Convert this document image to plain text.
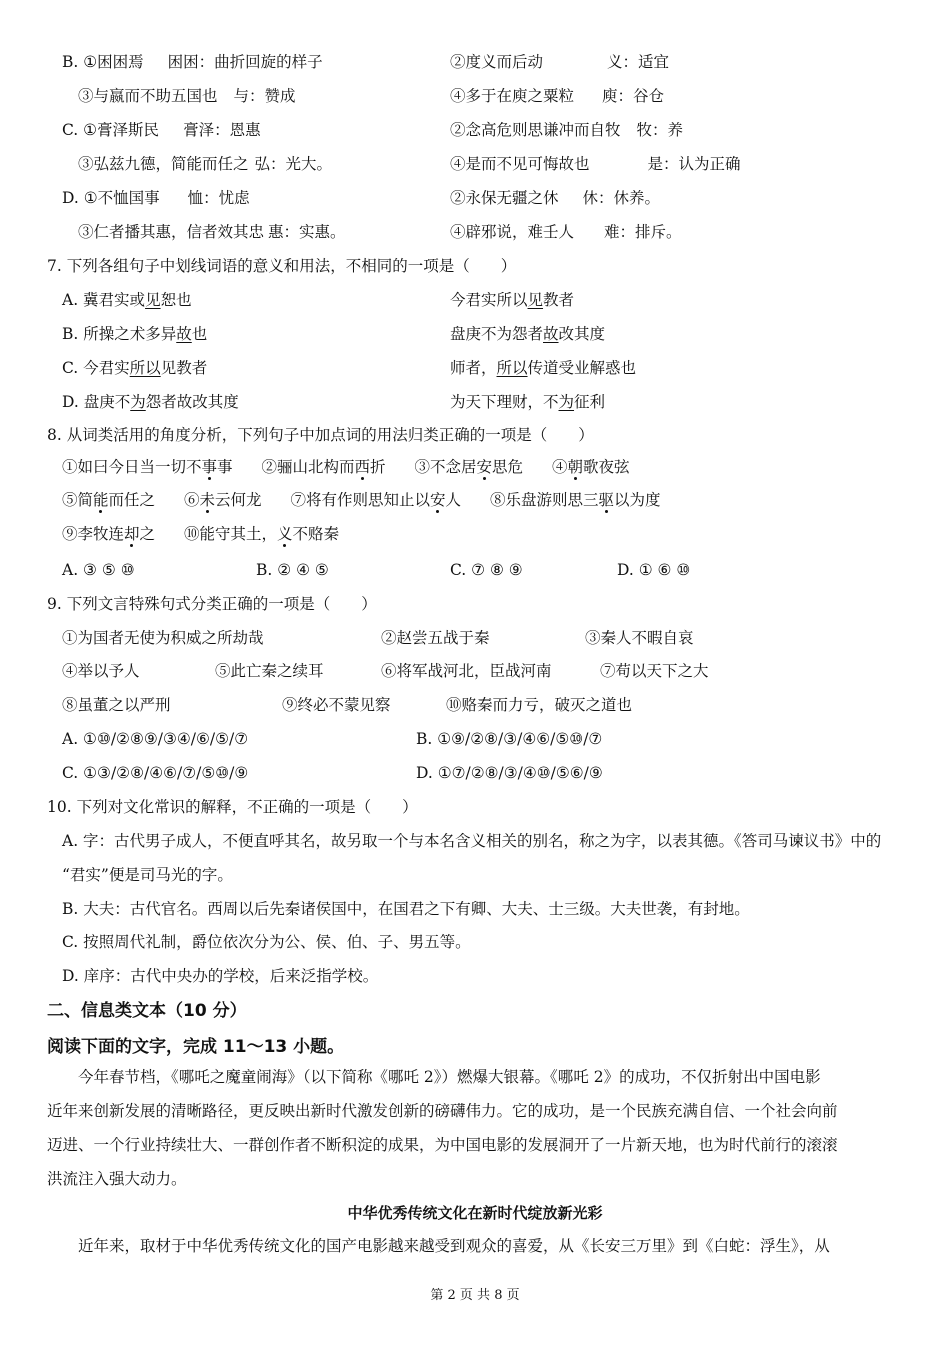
B. ①困困焉 困困：曲折回旋的样子	②度义而后动	义：适宜
③与嬴而不助五国也 与：赞成	④多于在庾之粟粒 庾：谷仓
C. ①膏泽斯民 膏泽：恩惠	②念高危则思谦冲而自牧 牧：养
③弘兹九德，简能而任之 弘：光大。	④是而不见可悔故也	是：认为正确
D. ①不恤国事 恤：忧虑	②永保无疆之休 休：休养。
③仁者播其惠，信者效其忠 惠：实惠。	④辟邪说，难壬人 难：排斥。
7. 下列各组句子中划线词语的意义和用法，不相同的一项是（　　）
A. 冀君实或见恕也	今君实所以见教者
B. 所操之术多异故也	盘庚不为怨者故改其度
C. 今君实所以见教者	师者，所以传道受业解惑也
D. 盘庚不为怨者故改其度	为天下理财，不为征利
8. 从词类活用的角度分析，下列句子中加点词的用法归类正确的一项是（　　）
①如曰今日当一切不事事 ②骊山北构而西折 ③不念居安思危 ④朝歌夜弦
⑤简能而任之 ⑥未云何龙 ⑦将有作则思知止以安人 ⑧乐盘游则思三驱以为度
⑨李牧连却之 ⑩能守其土，义不赂秦
A. ③ ⑤ ⑩	B. ② ④ ⑤	C. ⑦ ⑧ ⑨	D. ① ⑥ ⑩
9. 下列文言特殊句式分类正确的一项是（　　）
①为国者无使为积威之所劫哉	②赵尝五战于秦	③秦人不暇自哀
④举以予人	⑤此亡秦之续耳	⑥将军战河北，臣战河南	⑦苟以天下之大
⑧虽董之以严刑	⑨终必不蒙见察	⑩赂秦而力亏，破灭之道也
A. ①⑩/②⑧⑨/③④/⑥/⑤/⑦	B. ①⑨/②⑧/③/④⑥/⑤⑩/⑦
C. ①③/②⑧/④⑥/⑦/⑤⑩/⑨	D. ①⑦/②⑧/③/④⑩/⑤⑥/⑨
10. 下列对文化常识的解释，不正确的一项是（　　）
A. 字：古代男子成人，不便直呼其名，故另取一个与本名含义相关的别名，称之为字，以表其德。《答司马谏议书》中的
“君实”便是司马光的字。
B. 大夫：古代官名。西周以后先秦诸侯国中，在国君之下有卿、大夫、士三级。大夫世袭，有封地。
C. 按照周代礼制，爵位依次分为公、侯、伯、子、男五等。
D. 庠序：古代中央办的学校，后来泛指学校。
二、信息类文本（10 分）
阅读下面的文字，完成 11～13 小题。
　　今年春节档，《哪吒之魔童闹海》（以下简称《哪吒 2》）燃爆大银幕。《哪吒 2》的成功，不仅折射出中国电影
近年来创新发展的清晰路径，更反映出新时代激发创新的磅礴伟力。它的成功，是一个民族充满自信、一个社会向前
迈进、一个行业持续壮大、一群创作者不断积淀的成果，为中国电影的发展洞开了一片新天地，也为时代前行的滚滚
洪流注入强大动力。
中华优秀传统文化在新时代绽放新光彩
　　近年来，取材于中华优秀传统文化的国产电影越来越受到观众的喜爱，从《长安三万里》到《白蛇：浮生》，从
第 2 页 共 8 页
